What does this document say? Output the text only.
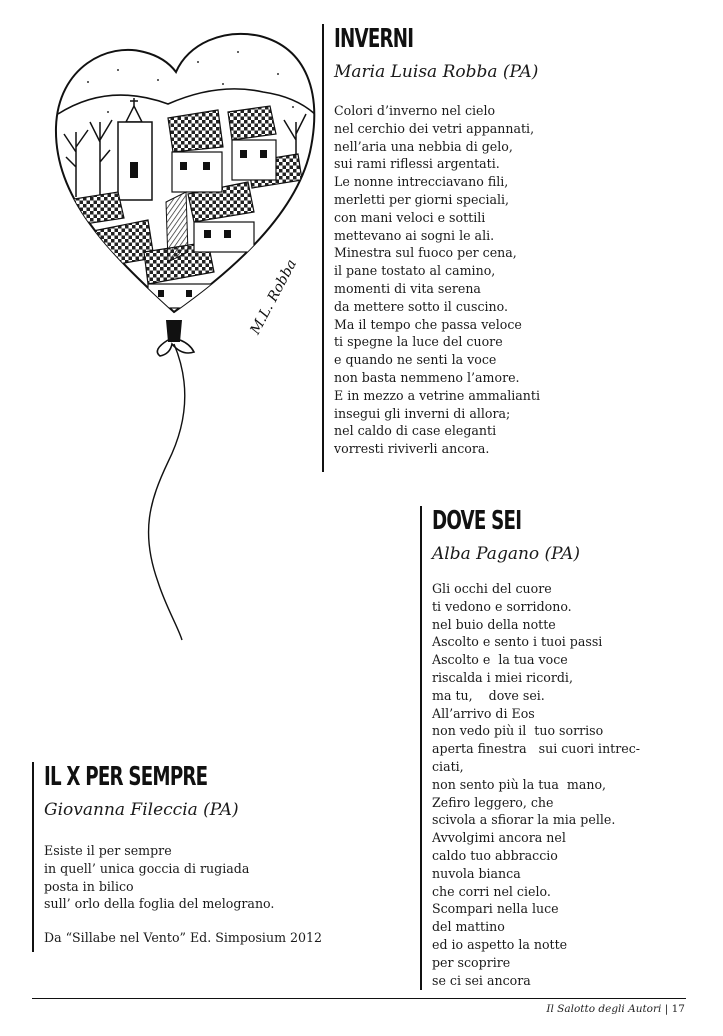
M.L. Robba
INVERNI
Maria Luisa Robba (PA)
Colori d’inverno nel cielo
nel cerchio dei vetri appannati,
nell’aria una nebbia di gelo,
sui rami riflessi argentati.
Le nonne intrecciavano fili,
merletti per giorni speciali,
con mani veloci e sottili
mettevano ai sogni le ali.
Minestra sul fuoco per cena,
il pane tostato al camino,
momenti di vita serena
da mettere sotto il cuscino.
Ma il tempo che passa veloce
ti spegne la luce del cuore
e quando ne senti la voce
non basta nemmeno l’amore.
E in mezzo a vetrine ammalianti
insegui gli inverni di allora;
nel caldo di case eleganti
vorresti riviverli ancora.
DOVE SEI
Alba Pagano (PA)
Gli occhi del cuore
ti vedono e sorridono.
nel buio della notte
Ascolto e sento i tuoi passi
Ascolto e  la tua voce
riscalda i miei ricordi,
ma tu,    dove sei.
All’arrivo di Eos
non vedo più il  tuo sorriso
aperta finestra   sui cuori intrec-
ciati,
non sento più la tua  mano,
Zefiro leggero, che
scivola a sfiorar la mia pelle.
Avvolgimi ancora nel
caldo tuo abbraccio
nuvola bianca
che corri nel cielo.
Scompari nella luce
del mattino
ed io aspetto la notte
per scoprire
se ci sei ancora
IL X PER SEMPRE
Giovanna Fileccia (PA)
Esiste il per sempre
in quell’ unica goccia di rugiada
posta in bilico
sull’ orlo della foglia del melograno.
Da “Sillabe nel Vento” Ed. Simposium 2012
Il Salotto degli Autori | 17
